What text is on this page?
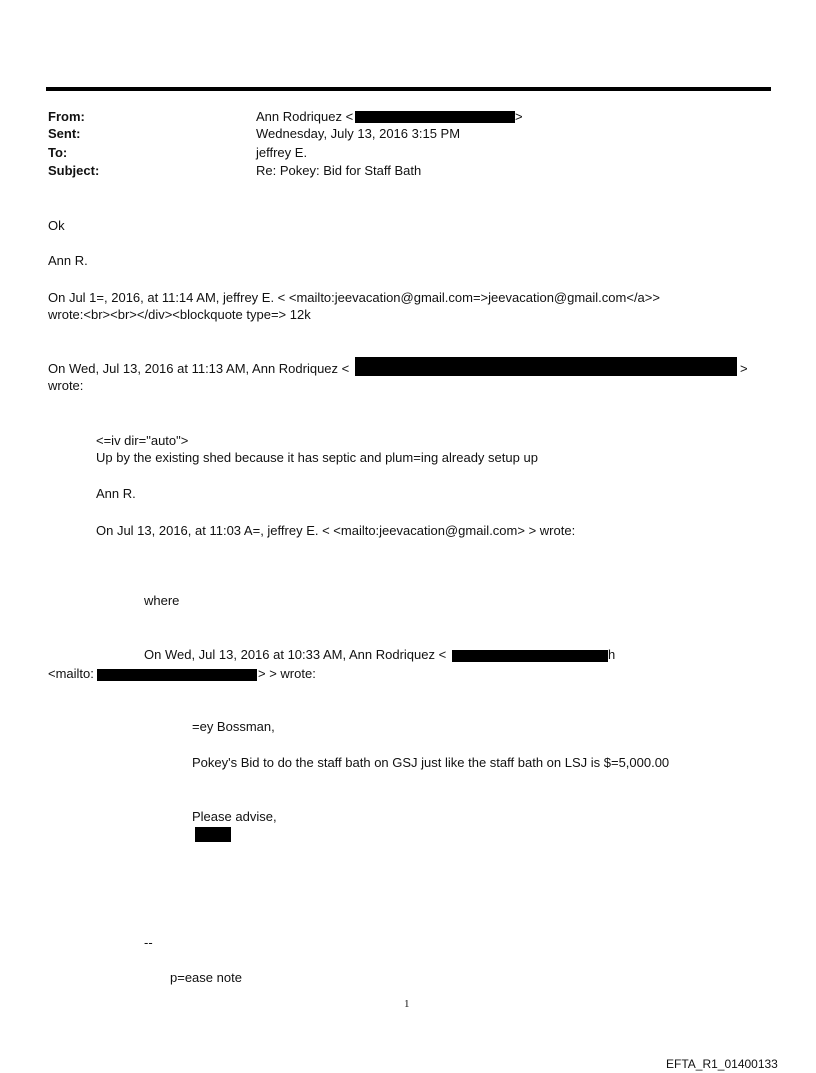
From:	Ann Rodriquez <	>
Sent:	Wednesday, July 13, 2016 3:15 PM
To:	jeffrey E.
Subject:	Re: Pokey: Bid for Staff Bath
Ok
Ann R.
On Jul 1=, 2016, at 11:14 AM, jeffrey E. < <mailto:jeevacation@gmail.com=>jeevacation@gmail.com</a>>
wrote:<br><br></div><blockquote type=> 12k
On Wed, Jul 13, 2016 at 11:13 AM, Ann Rodriquez <	>
wrote:
<=iv dir="auto">
Up by the existing shed because it has septic and plum=ing already setup up
Ann R.
On Jul 13, 2016, at 11:03 A=, jeffrey E. < <mailto:jeevacation@gmail.com> > wrote:
where
On Wed, Jul 13, 2016 at 10:33 AM, Ann Rodriquez <	h
<mailto:	> > wrote:
=ey Bossman,
Pokey's Bid to do the staff bath on GSJ just like the staff bath on LSJ is $=5,000.00
Please advise,
--
p=ease note
1
EFTA_R1_01400133
